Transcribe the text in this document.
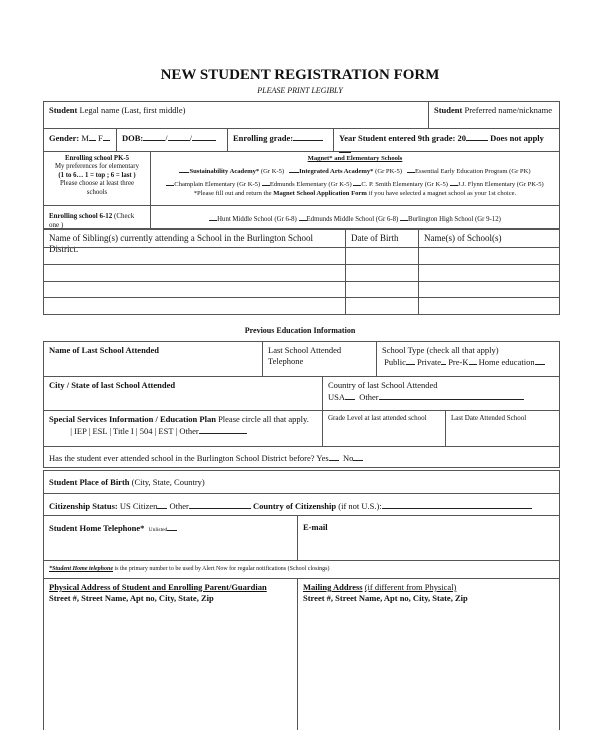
NEW STUDENT REGISTRATION FORM
PLEASE PRINT LEGIBLY
Student Legal name (Last, first middle)	Student Preferred name/nickname
Gender: M F	DOB:	/	/	Enrolling grade:	Year Student entered 9th grade: 20	Does not apply
Enrolling school PK-5
My preferences for elementary
(1 to 6… 1 = top ; 6 = last )
Please choose at least three schools
Magnet* and Elementary Schools
Sustainability Academy* (Gr K-5) Integrated Arts Academy* (Gr PK-5) Essential Early Education Program (Gr PK)
Champlain Elementary (Gr K-5) Edmunds Elementary (Gr K-5) C. P. Smith Elementary (Gr K-5) J.J. Flynn Elementary (Gr PK-5)
*Please fill out and return the Magnet School Application Form if you have selected a magnet school as your 1st choice.
Enrolling school 6-12 (Check one )
Hunt Middle School (Gr 6-8) Edmunds Middle School (Gr 6-8) Burlington High School (Gr 9-12)
Name of Sibling(s) currently attending a School in the Burlington School District.
Date of Birth	Name(s) of School(s)
Previous Education Information
Name of Last School Attended	Last School Attended Telephone
School Type (check all that apply)
Public Private Pre-K Home education
City / State of last School Attended	Country of last School Attended
USA Other
Special Services Information / Education Plan Please circle all that apply.
| IEP | ESL | Title I | 504 | EST | Other
Grade Level at last attended school	Last Date Attended School
Has the student ever attended school in the Burlington School District before? Yes No
Student Place of Birth (City, State, Country)
Citizenship Status: US Citizen Other	Country of Citizenship (if not U.S.):
Student Home Telephone* Unlisted	E-mail
*Student Home telephone is the primary number to be used by Alert Now for regular notifications (School closings)
Physical Address of Student and Enrolling Parent/Guardian
Street #, Street Name, Apt no, City, State, Zip
Mailing Address (if different from Physical)
Street #, Street Name, Apt no, City, State, Zip
